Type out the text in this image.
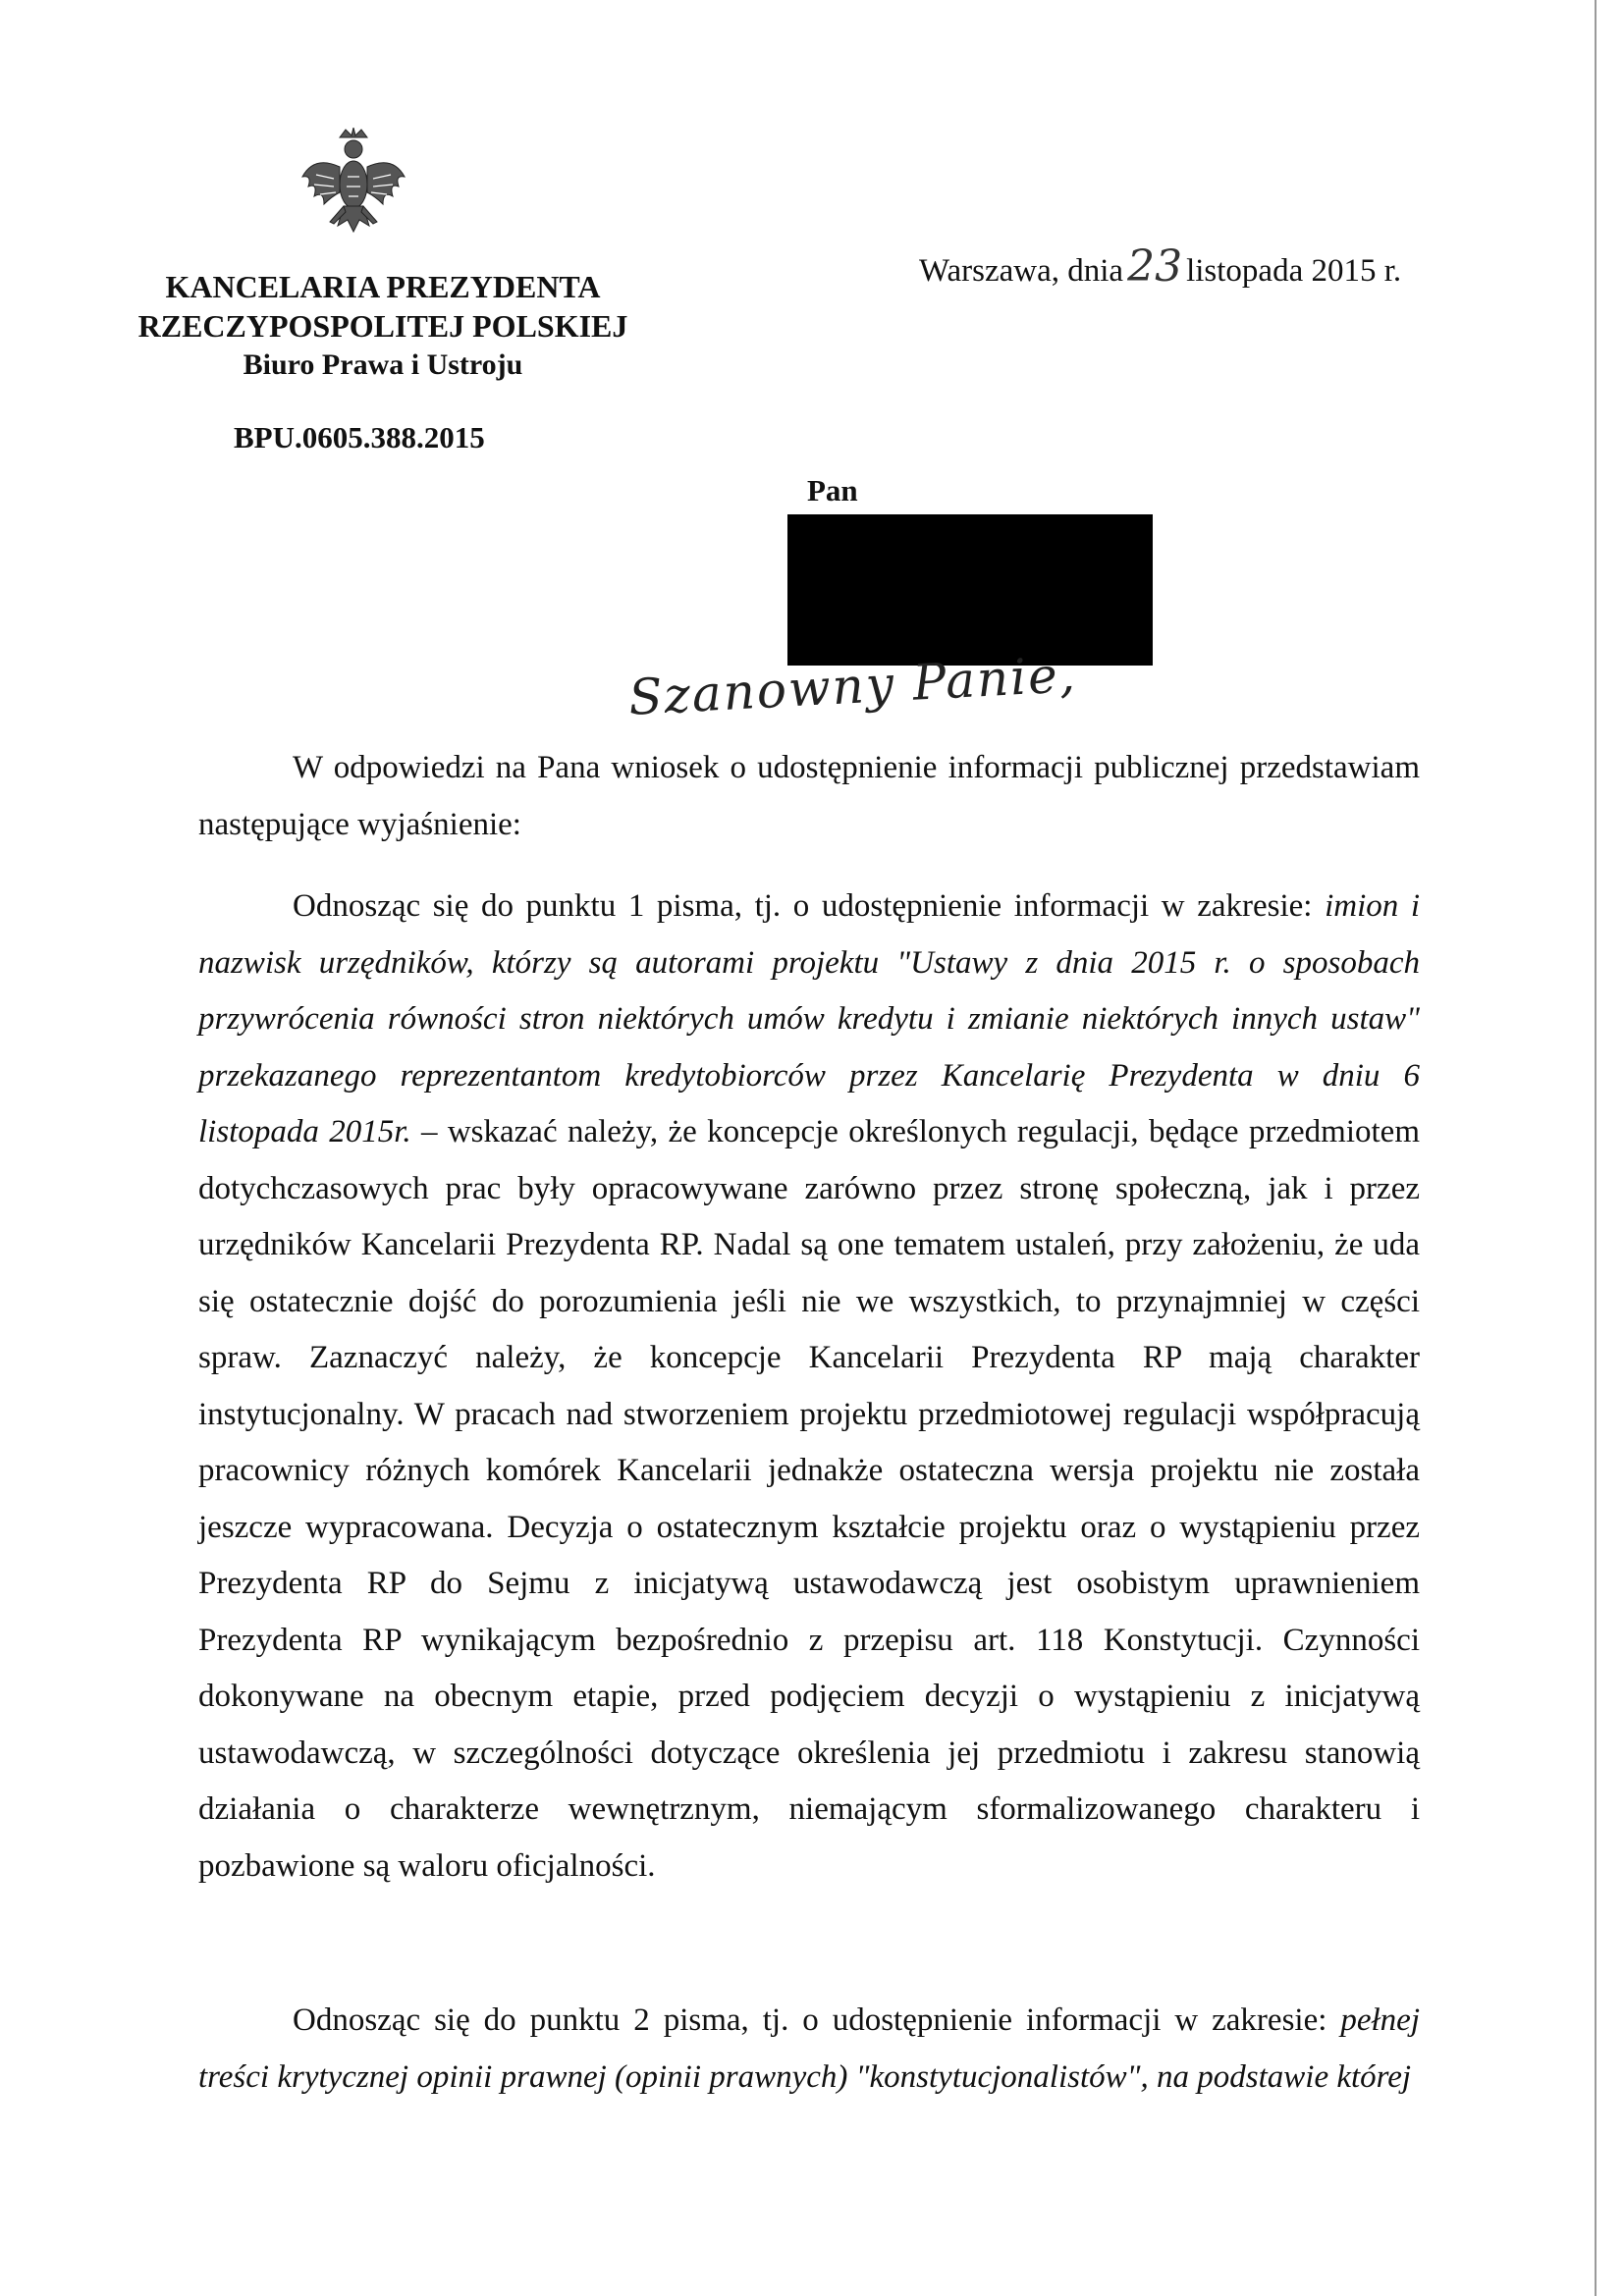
KANCELARIA PREZYDENTA
RZECZYPOSPOLITEJ POLSKIEJ
Biuro Prawa i Ustroju
BPU.0605.388.2015
Warszawa, dnia23 listopada 2015 r.
Pan
Szanowny Panie,

W odpowiedzi na Pana wniosek o udostępnienie informacji publicznej przedstawiam następujące wyjaśnienie:

Odnosząc się do punktu 1 pisma, tj. o udostępnienie informacji w zakresie: imion i nazwisk urzędników, którzy są autorami projektu "Ustawy z dnia 2015 r. o sposobach przywrócenia równości stron niektórych umów kredytu i zmianie niektórych innych ustaw" przekazanego reprezentantom kredytobiorców przez Kancelarię Prezydenta w dniu 6 listopada 2015r. – wskazać należy, że koncepcje określonych regulacji, będące przedmiotem dotychczasowych prac były opracowywane zarówno przez stronę społeczną, jak i przez urzędników Kancelarii Prezydenta RP. Nadal są one tematem ustaleń, przy założeniu, że uda się ostatecznie dojść do porozumienia jeśli nie we wszystkich, to przynajmniej w części spraw. Zaznaczyć należy, że koncepcje Kancelarii Prezydenta RP mają charakter instytucjonalny. W pracach nad stworzeniem projektu przedmiotowej regulacji współpracują pracownicy różnych komórek Kancelarii jednakże ostateczna wersja projektu nie została jeszcze wypracowana. Decyzja o ostatecznym kształcie projektu oraz o wystąpieniu przez Prezydenta RP do Sejmu z inicjatywą ustawodawczą jest osobistym uprawnieniem Prezydenta RP wynikającym bezpośrednio z przepisu art. 118 Konstytucji. Czynności dokonywane na obecnym etapie, przed podjęciem decyzji o wystąpieniu z inicjatywą ustawodawczą, w szczególności dotyczące określenia jej przedmiotu i zakresu stanowią działania o charakterze wewnętrznym, niemającym sformalizowanego charakteru i pozbawione są waloru oficjalności.

Odnosząc się do punktu 2 pisma, tj. o udostępnienie informacji w zakresie: pełnej treści krytycznej opinii prawnej (opinii prawnych) "konstytucjonalistów", na podstawie której
